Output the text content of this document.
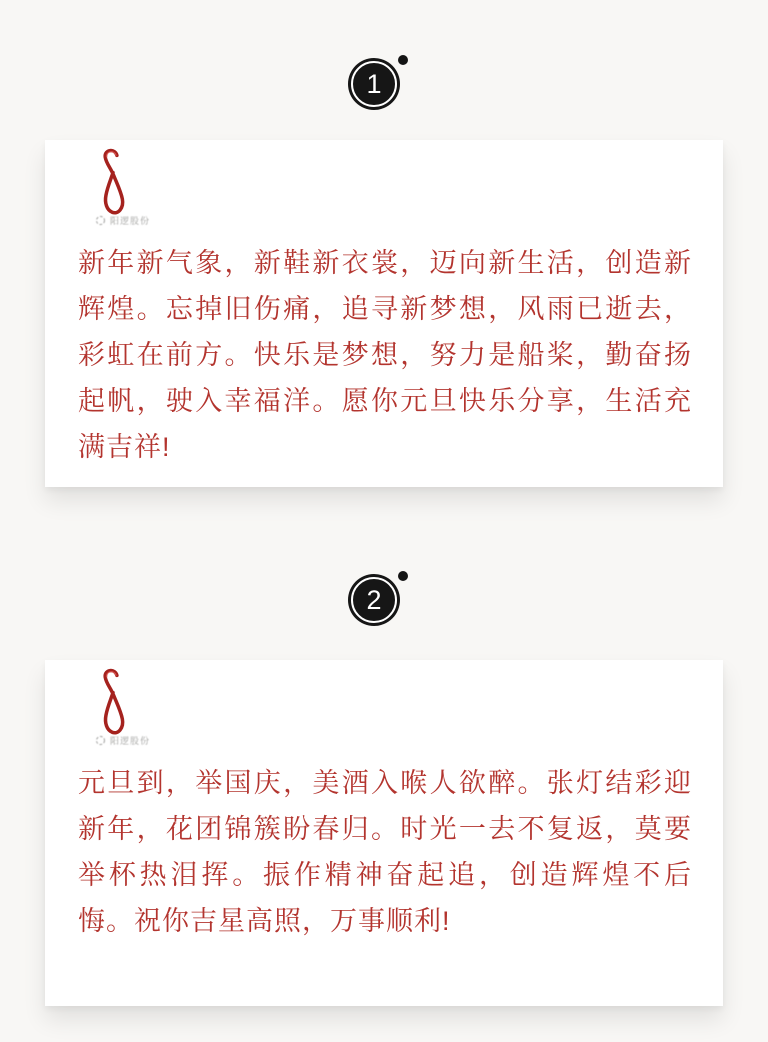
1
阳逻股份
新年新气象，新鞋新衣裳，迈向新生活，创造新辉煌。忘掉旧伤痛，追寻新梦想，风雨已逝去，彩虹在前方。快乐是梦想，努力是船桨，勤奋扬起帆，驶入幸福洋。愿你元旦快乐分享，生活充满吉祥!
2
阳逻股份
元旦到，举国庆，美酒入喉人欲醉。张灯结彩迎新年，花团锦簇盼春归。时光一去不复返，莫要举杯热泪挥。振作精神奋起追，创造辉煌不后悔。祝你吉星高照，万事顺利!
